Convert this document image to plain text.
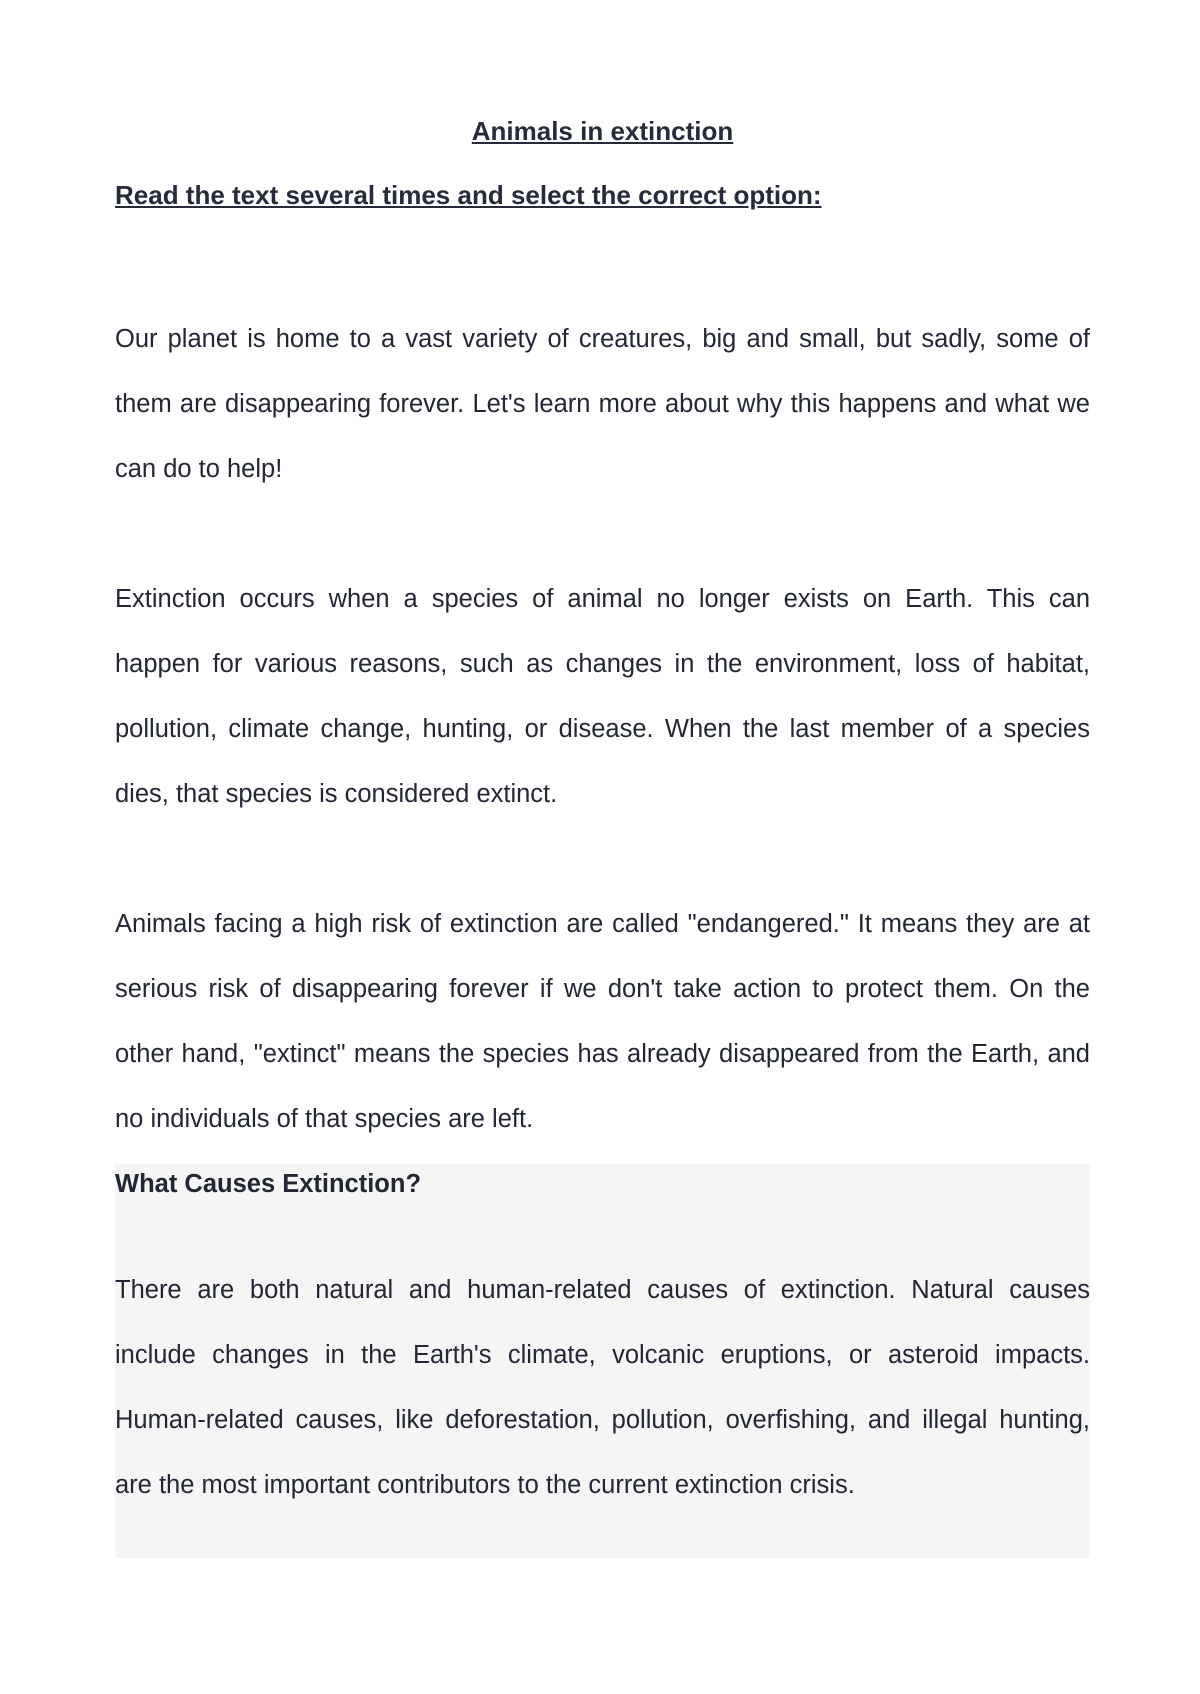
Animals in extinction

Read the text several times and select the correct option:

Our planet is home to a vast variety of creatures, big and small, but sadly, some of them are disappearing forever. Let's learn more about why this happens and what we can do to help!

Extinction occurs when a species of animal no longer exists on Earth. This can happen for various reasons, such as changes in the environment, loss of habitat, pollution, climate change, hunting, or disease. When the last member of a species dies, that species is considered extinct.

Animals facing a high risk of extinction are called "endangered." It means they are at serious risk of disappearing forever if we don't take action to protect them. On the other hand, "extinct" means the species has already disappeared from the Earth, and no individuals of that species are left.

What Causes Extinction?

There are both natural and human-related causes of extinction. Natural causes include changes in the Earth's climate, volcanic eruptions, or asteroid impacts. Human-related causes, like deforestation, pollution, overfishing, and illegal hunting, are the most important contributors to the current extinction crisis.
